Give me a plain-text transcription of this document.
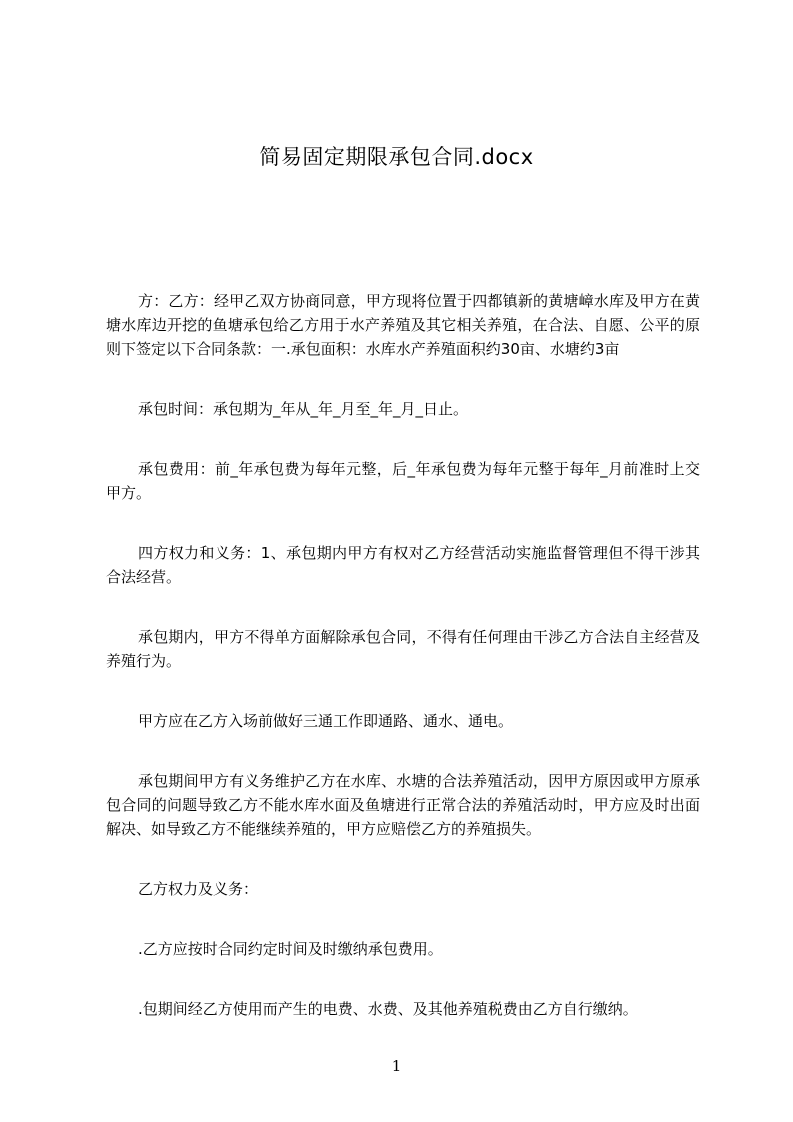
简易固定期限承包合同.docx

方：乙方：经甲乙双方协商同意，甲方现将位置于四都镇新的黄塘嶂水库及甲方在黄塘水库边开挖的鱼塘承包给乙方用于水产养殖及其它相关养殖，在合法、自愿、公平的原则下签定以下合同条款：一.承包面积：水库水产养殖面积约30亩、水塘约3亩

承包时间：承包期为_年从_年_月至_年_月_日止。

承包费用：前_年承包费为每年元整，后_年承包费为每年元整于每年_月前准时上交甲方。

四方权力和义务：1、承包期内甲方有权对乙方经营活动实施监督管理但不得干涉其合法经营。

承包期内，甲方不得单方面解除承包合同，不得有任何理由干涉乙方合法自主经营及养殖行为。

甲方应在乙方入场前做好三通工作即通路、通水、通电。

承包期间甲方有义务维护乙方在水库、水塘的合法养殖活动，因甲方原因或甲方原承包合同的问题导致乙方不能水库水面及鱼塘进行正常合法的养殖活动时，甲方应及时出面解决、如导致乙方不能继续养殖的，甲方应赔偿乙方的养殖损失。

乙方权力及义务：

.乙方应按时合同约定时间及时缴纳承包费用。

.包期间经乙方使用而产生的电费、水费、及其他养殖税费由乙方自行缴纳。

1
